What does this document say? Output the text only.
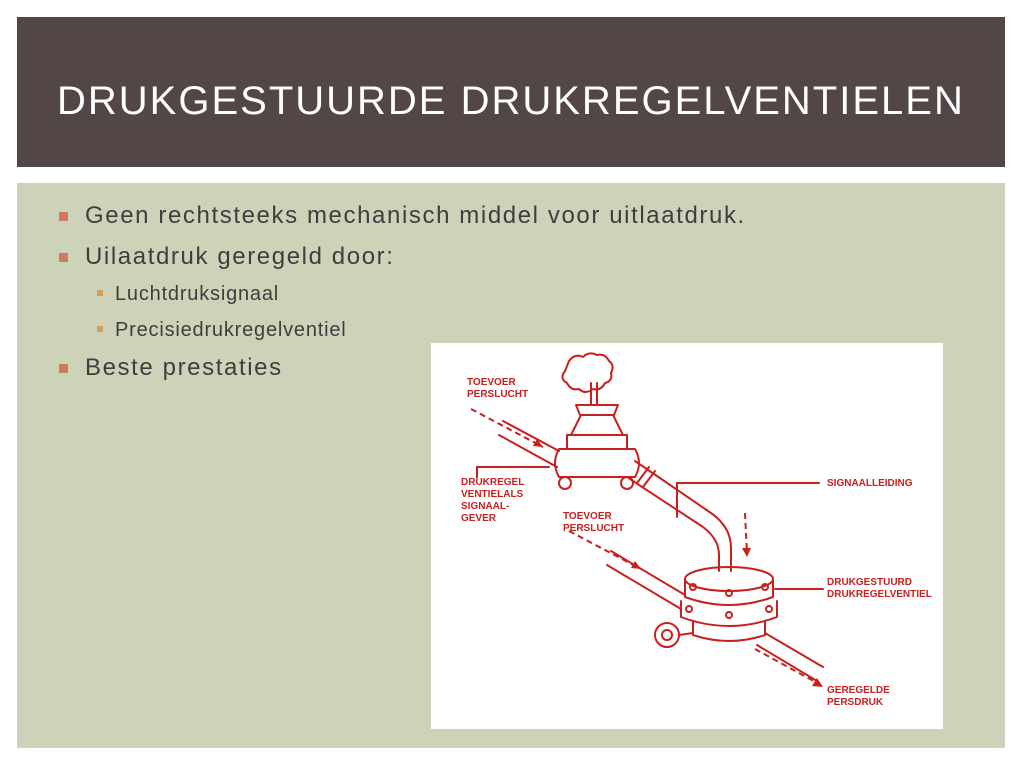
DRUKGESTUURDE DRUKREGELVENTIELEN
Geen rechtsteeks mechanisch middel voor uitlaatdruk.
Uilaatdruk geregeld door:
Luchtdruksignaal
Precisiedrukregelventiel
Beste prestaties
TOEVOER
PERSLUCHT
DRUKREGEL
VENTIELALS
SIGNAAL-
GEVER	TOEVOER
PERSLUCHT
SIGNAALLEIDING
DRUKGESTUURD
DRUKREGELVENTIEL
GEREGELDE
PERSDRUK
